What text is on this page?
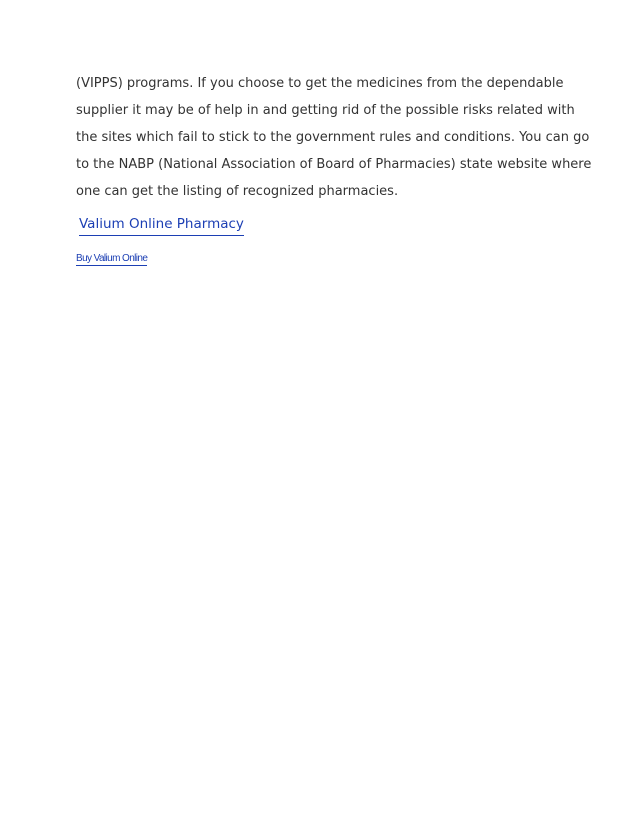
(VIPPS) programs. If you choose to get the medicines from the dependable
supplier it may be of help in and getting rid of the possible risks related with
the sites which fail to stick to the government rules and conditions. You can go
to the NABP (National Association of Board of Pharmacies) state website where
one can get the listing of recognized pharmacies.

Valium Online Pharmacy
Buy Valium Online
